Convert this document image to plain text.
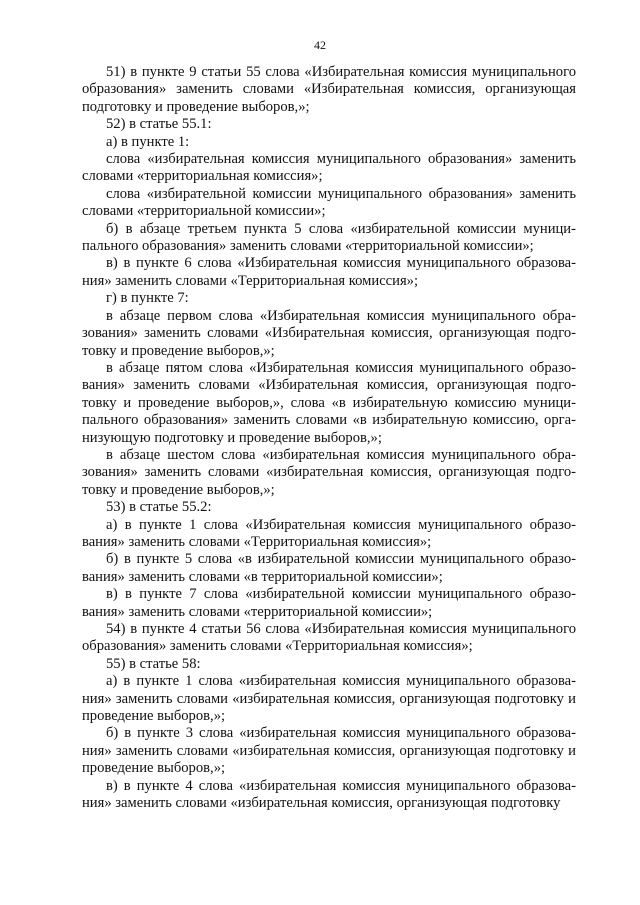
42

51) в пункте 9 статьи 55 слова «Избирательная комиссия муниципального образования» заменить словами «Избирательная комиссия, организующая подготовку и проведение выборов,»;

52) в статье 55.1:

а) в пункте 1:

слова «избирательная комиссия муниципального образования» заменить словами «территориальная комиссия»;

слова «избирательной комиссии муниципального образования» заменить словами «территориальной комиссии»;

б) в абзаце третьем пункта 5 слова «избирательной комиссии муниципального образования» заменить словами «территориальной комиссии»;

в) в пункте 6 слова «Избирательная комиссия муниципального образования» заменить словами «Территориальная комиссия»;

г) в пункте 7:

в абзаце первом слова «Избирательная комиссия муниципального образования» заменить словами «Избирательная комиссия, организующая подготовку и проведение выборов,»;

в абзаце пятом слова «Избирательная комиссия муниципального образования» заменить словами «Избирательная комиссия, организующая подготовку и проведение выборов,», слова «в избирательную комиссию муниципального образования» заменить словами «в избирательную комиссию, организующую подготовку и проведение выборов,»;

в абзаце шестом слова «избирательная комиссия муниципального образования» заменить словами «избирательная комиссия, организующая подготовку и проведение выборов,»;

53) в статье 55.2:

а) в пункте 1 слова «Избирательная комиссия муниципального образования» заменить словами «Территориальная комиссия»;

б) в пункте 5 слова «в избирательной комиссии муниципального образования» заменить словами «в территориальной комиссии»;

в) в пункте 7 слова «избирательной комиссии муниципального образования» заменить словами «территориальной комиссии»;

54) в пункте 4 статьи 56 слова «Избирательная комиссия муниципального образования» заменить словами «Территориальная комиссия»;

55) в статье 58:

а) в пункте 1 слова «избирательная комиссия муниципального образования» заменить словами «избирательная комиссия, организующая подготовку и проведение выборов,»;

б) в пункте 3 слова «избирательная комиссия муниципального образования» заменить словами «избирательная комиссия, организующая подготовку и проведение выборов,»;

в) в пункте 4 слова «избирательная комиссия муниципального образования» заменить словами «избирательная комиссия, организующая подготовку
